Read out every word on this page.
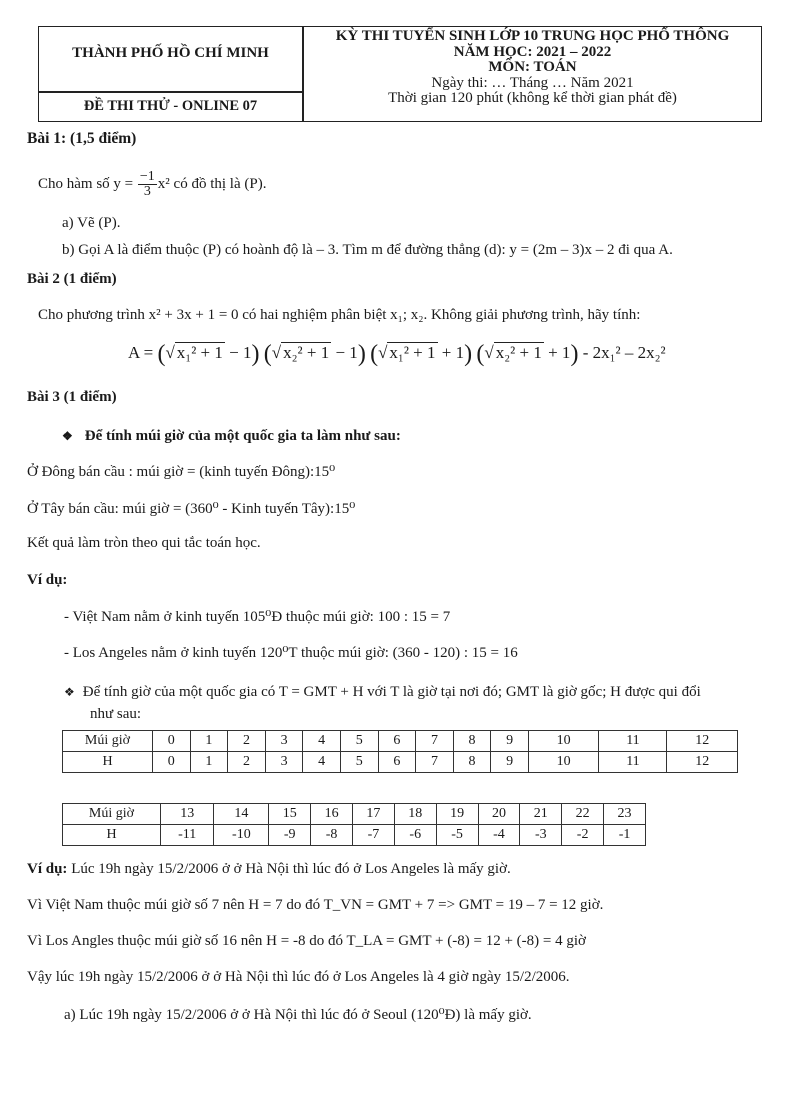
THÀNH PHỐ HỒ CHÍ MINH
ĐỀ THI THỬ - ONLINE 07
KỲ THI TUYỂN SINH LỚP 10 TRUNG HỌC PHỔ THÔNG
NĂM HỌC: 2021 – 2022
MÔN: TOÁN
Ngày thi: … Tháng … Năm 2021
Thời gian 120 phút (không kể thời gian phát đề)
Bài 1: (1,5 điểm)
Cho hàm số $y = \frac{-1}{3} x^2$ có đồ thị là (P).
a) Vẽ (P).
b) Gọi A là điểm thuộc (P) có hoành độ là – 3. Tìm m để đường thẳng (d): y = (2m – 3)x – 2 đi qua A.
Bài 2 (1 điểm)
Cho phương trình x² + 3x + 1 = 0 có hai nghiệm phân biệt x₁; x₂. Không giải phương trình, hãy tính:
A = (√ x₁² + 1 − 1) (√ x₂² + 1 − 1) (√ x₁² + 1 + 1) (√ x₂² + 1 + 1) - 2x₁² – 2x₂²
Bài 3 (1 điểm)
❖ Để tính múi giờ của một quốc gia ta làm như sau:
Ở Đông bán cầu : múi giờ = (kinh tuyến Đông):15⁰
Ở Tây bán cầu: múi giờ = (360⁰ - Kinh tuyến Tây):15⁰
Kết quả làm tròn theo qui tắc toán học.
Ví dụ:
- Việt Nam nằm ở kinh tuyến 105⁰Đ thuộc múi giờ: 100 : 15 = 7
- Los Angeles nằm ở kinh tuyến 120⁰T thuộc múi giờ: (360 - 120) : 15 = 16
❖ Để tính giờ của một quốc gia có T = GMT + H với T là giờ tại nơi đó; GMT là giờ gốc; H được qui đổi
như sau:
Múi giờ	0	1	2	3	4	5	6	7	8	9	10	11	12
H	0	1	2	3	4	5	6	7	8	9	10	11	12
Múi giờ	13	14	15	16	17	18	19	20	21	22	23
H	-11	-10	-9	-8	-7	-6	-5	-4	-3	-2	-1
Ví dụ: Lúc 19h ngày 15/2/2006 ở ở Hà Nội thì lúc đó ở Los Angeles là mấy giờ.
Vì Việt Nam thuộc múi giờ số 7 nên H = 7 do đó T_VN = GMT + 7 => GMT = 19 – 7 = 12 giờ.
Vì Los Angles thuộc múi giờ số 16 nên H = -8 do đó T_LA = GMT + (-8) = 12 + (-8) = 4 giờ
Vậy lúc 19h ngày 15/2/2006 ở ở Hà Nội thì lúc đó ở Los Angeles là 4 giờ ngày 15/2/2006.
a) Lúc 19h ngày 15/2/2006 ở ở Hà Nội thì lúc đó ở Seoul (120⁰Đ) là mấy giờ.
